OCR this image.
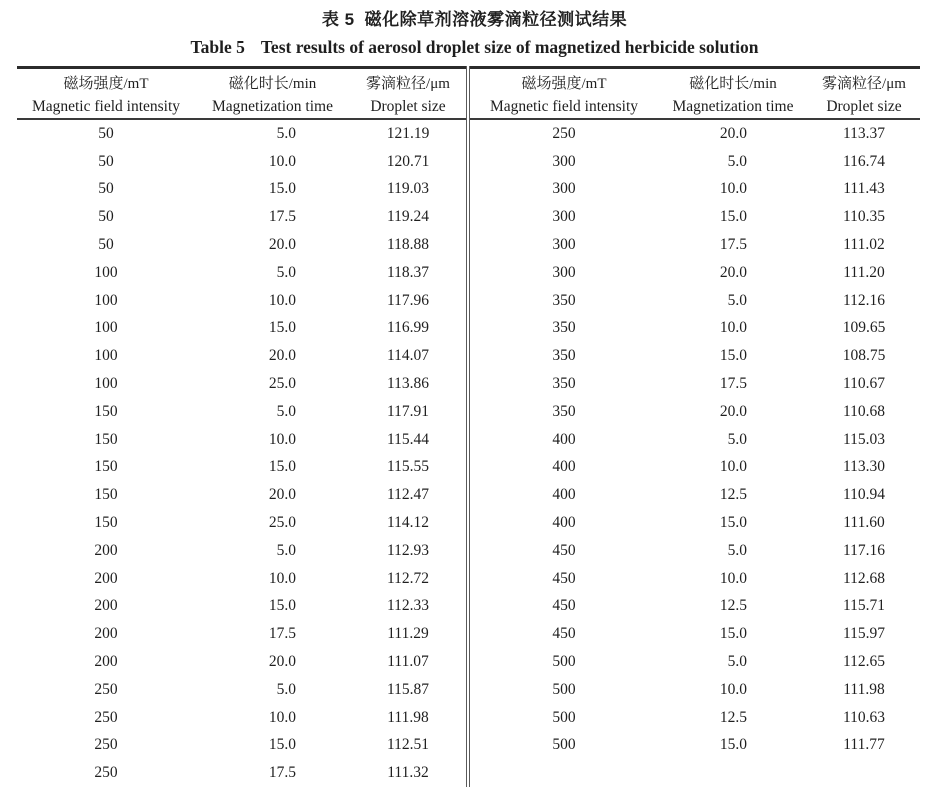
表 5 磁化除草剂溶液雾滴粒径测试结果
Table 5 Test results of aerosol droplet size of magnetized herbicide solution
磁场强度/mT	磁化时长/min	雾滴粒径/μm	磁场强度/mT	磁化时长/min	雾滴粒径/μm
Magnetic field intensity	Magnetization time	Droplet size	Magnetic field intensity	Magnetization time	Droplet size
50	5.0	121.19	250	20.0	113.37
50	10.0	120.71	300	5.0	116.74
50	15.0	119.03	300	10.0	111.43
50	17.5	119.24	300	15.0	110.35
50	20.0	118.88	300	17.5	111.02
100	5.0	118.37	300	20.0	111.20
100	10.0	117.96	350	5.0	112.16
100	15.0	116.99	350	10.0	109.65
100	20.0	114.07	350	15.0	108.75
100	25.0	113.86	350	17.5	110.67
150	5.0	117.91	350	20.0	110.68
150	10.0	115.44	400	5.0	115.03
150	15.0	115.55	400	10.0	113.30
150	20.0	112.47	400	12.5	110.94
150	25.0	114.12	400	15.0	111.60
200	5.0	112.93	450	5.0	117.16
200	10.0	112.72	450	10.0	112.68
200	15.0	112.33	450	12.5	115.71
200	17.5	111.29	450	15.0	115.97
200	20.0	111.07	500	5.0	112.65
250	5.0	115.87	500	10.0	111.98
250	10.0	111.98	500	12.5	110.63
250	15.0	112.51	500	15.0	111.77
250	17.5	111.32			
